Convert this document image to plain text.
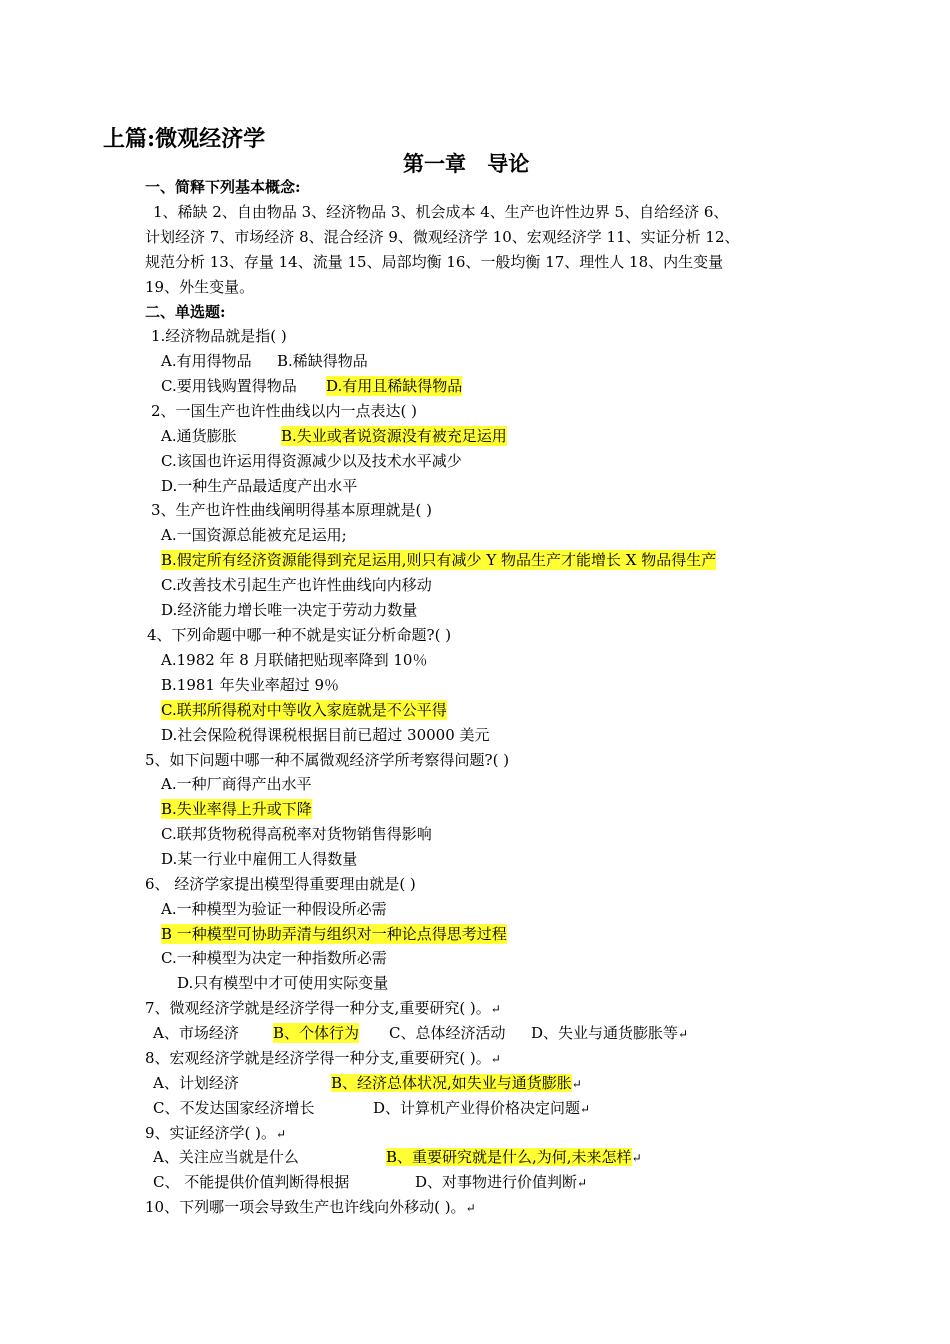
上篇:微观经济学
第一章 导论
一、简释下列基本概念:
1、稀缺 2、自由物品 3、经济物品 3、机会成本 4、生产也许性边界 5、自给经济 6、
计划经济 7、市场经济 8、混合经济 9、微观经济学 10、宏观经济学 11、实证分析 12、
规范分析 13、存量 14、流量 15、局部均衡 16、一般均衡 17、理性人 18、内生变量
19、外生变量。
二、单选题:
1.经济物品就是指( )
A.有用得物品 B.稀缺得物品
C.要用钱购置得物品 D.有用且稀缺得物品
2、一国生产也许性曲线以内一点表达( )
A.通货膨胀	B.失业或者说资源没有被充足运用
C.该国也许运用得资源减少以及技术水平减少
D.一种生产品最适度产出水平
3、生产也许性曲线阐明得基本原理就是( )
A.一国资源总能被充足运用;
B.假定所有经济资源能得到充足运用,则只有减少 Y 物品生产才能增长 X 物品得生产
C.改善技术引起生产也许性曲线向内移动
D.经济能力增长唯一决定于劳动力数量
4、下列命题中哪一种不就是实证分析命题?( )
A.1982 年 8 月联储把贴现率降到 10％
B.1981 年失业率超过 9％
C.联邦所得税对中等收入家庭就是不公平得
D.社会保险税得课税根据目前已超过 30000 美元
5、如下问题中哪一种不属微观经济学所考察得问题?( )
A.一种厂商得产出水平
B.失业率得上升或下降
C.联邦货物税得高税率对货物销售得影响
D.某一行业中雇佣工人得数量
6、 经济学家提出模型得重要理由就是( )
A.一种模型为验证一种假设所必需
B 一种模型可协助弄清与组织对一种论点得思考过程
C.一种模型为决定一种指数所必需
D.只有模型中才可使用实际变量
7、微观经济学就是经济学得一种分支,重要研究( )。↵
A、市场经济 B、个体行为 C、总体经济活动 D、失业与通货膨胀等↵
8、宏观经济学就是经济学得一种分支,重要研究( )。↵
A、计划经济	B、经济总体状况,如失业与通货膨胀↵
C、不发达国家经济增长	D、计算机产业得价格决定问题↵
9、实证经济学( )。↵
A、关注应当就是什么	B、重要研究就是什么,为何,未来怎样↵
C、 不能提供价值判断得根据	D、对事物进行价值判断↵
10、下列哪一项会导致生产也许线向外移动( )。↵
